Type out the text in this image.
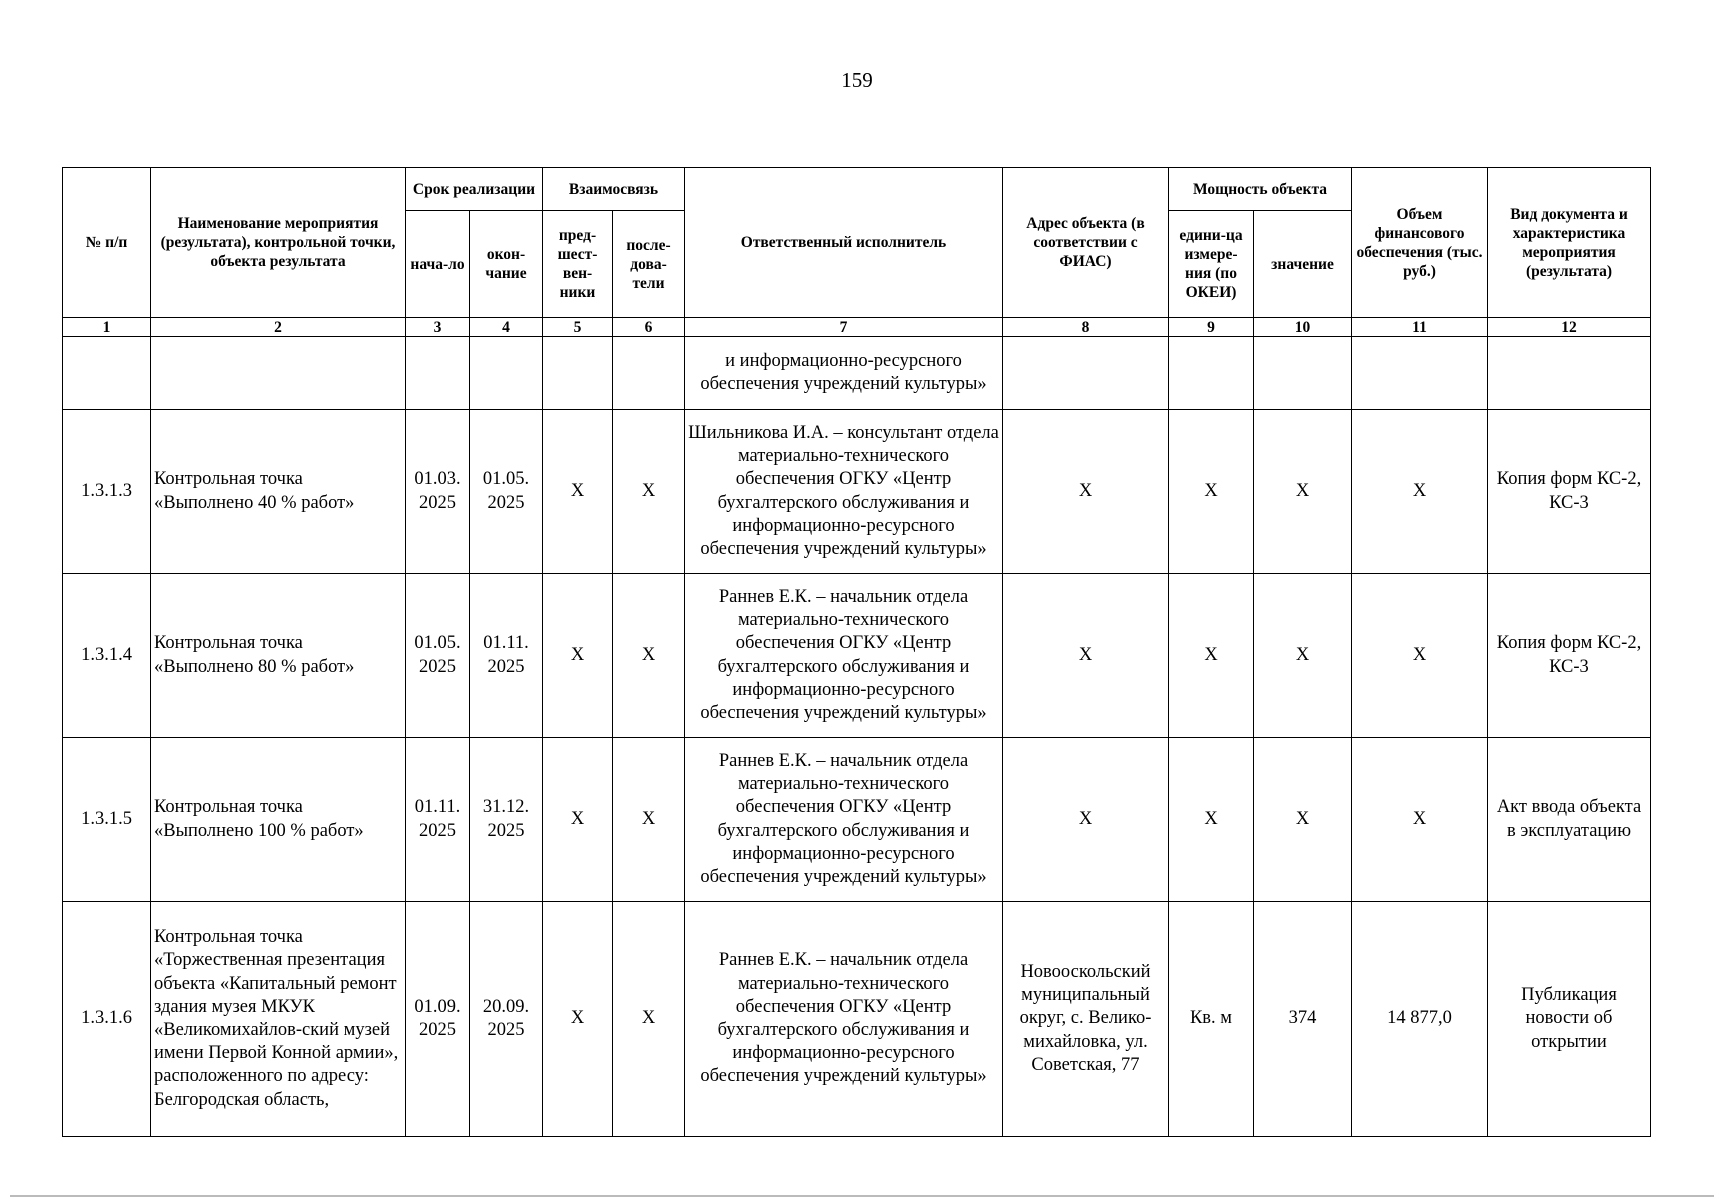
159
№ п/п	Наименование мероприятия (результата), контрольной точки, объекта результата	Срок реализации		Взаимосвязь		Ответственный исполнитель	Адрес объекта (в соответствии с ФИАС)	Мощность объекта		Объем финансового обеспечения (тыс. руб.)	Вид документа и характеристика мероприятия (результата)
		нача-ло	окон-чание	пред-шест-вен-ники	после-дова-тели			едини-ца измере-ния (по ОКЕИ)	значение		
1	2	3	4	5	6	7	8	9	10	11	12
						и информационно-ресурсного обеспечения учреждений культуры»					
1.3.1.3	Контрольная точка «Выполнено 40 % работ»	01.03. 2025	01.05. 2025	Х	Х	Шильникова И.А. – консультант отдела материально-технического обеспечения ОГКУ «Центр бухгалтерского обслуживания и информационно-ресурсного обеспечения учреждений культуры»	Х	Х	Х	Х	Копия форм КС-2, КС-3
1.3.1.4	Контрольная точка «Выполнено 80 % работ»	01.05. 2025	01.11. 2025	Х	Х	Раннев Е.К. – начальник отдела материально-технического обеспечения ОГКУ «Центр бухгалтерского обслуживания и информационно-ресурсного обеспечения учреждений культуры»	Х	Х	Х	Х	Копия форм КС-2, КС-3
1.3.1.5	Контрольная точка «Выполнено 100 % работ»	01.11. 2025	31.12. 2025	Х	Х	Раннев Е.К. – начальник отдела материально-технического обеспечения ОГКУ «Центр бухгалтерского обслуживания и информационно-ресурсного обеспечения учреждений культуры»	Х	Х	Х	Х	Акт ввода объекта в эксплуатацию
1.3.1.6	Контрольная точка «Торжественная презентация объекта «Капитальный ремонт здания музея МКУК «Великомихайлов-ский музей имени Первой Конной армии», расположенного по адресу: Белгородская область,	01.09. 2025	20.09. 2025	Х	Х	Раннев Е.К. – начальник отдела материально-технического обеспечения ОГКУ «Центр бухгалтерского обслуживания и информационно-ресурсного обеспечения учреждений культуры»	Новооскольский муниципальный округ, с. Велико-михайловка, ул. Советская, 77	Кв. м	374	14 877,0	Публикация новости об открытии
